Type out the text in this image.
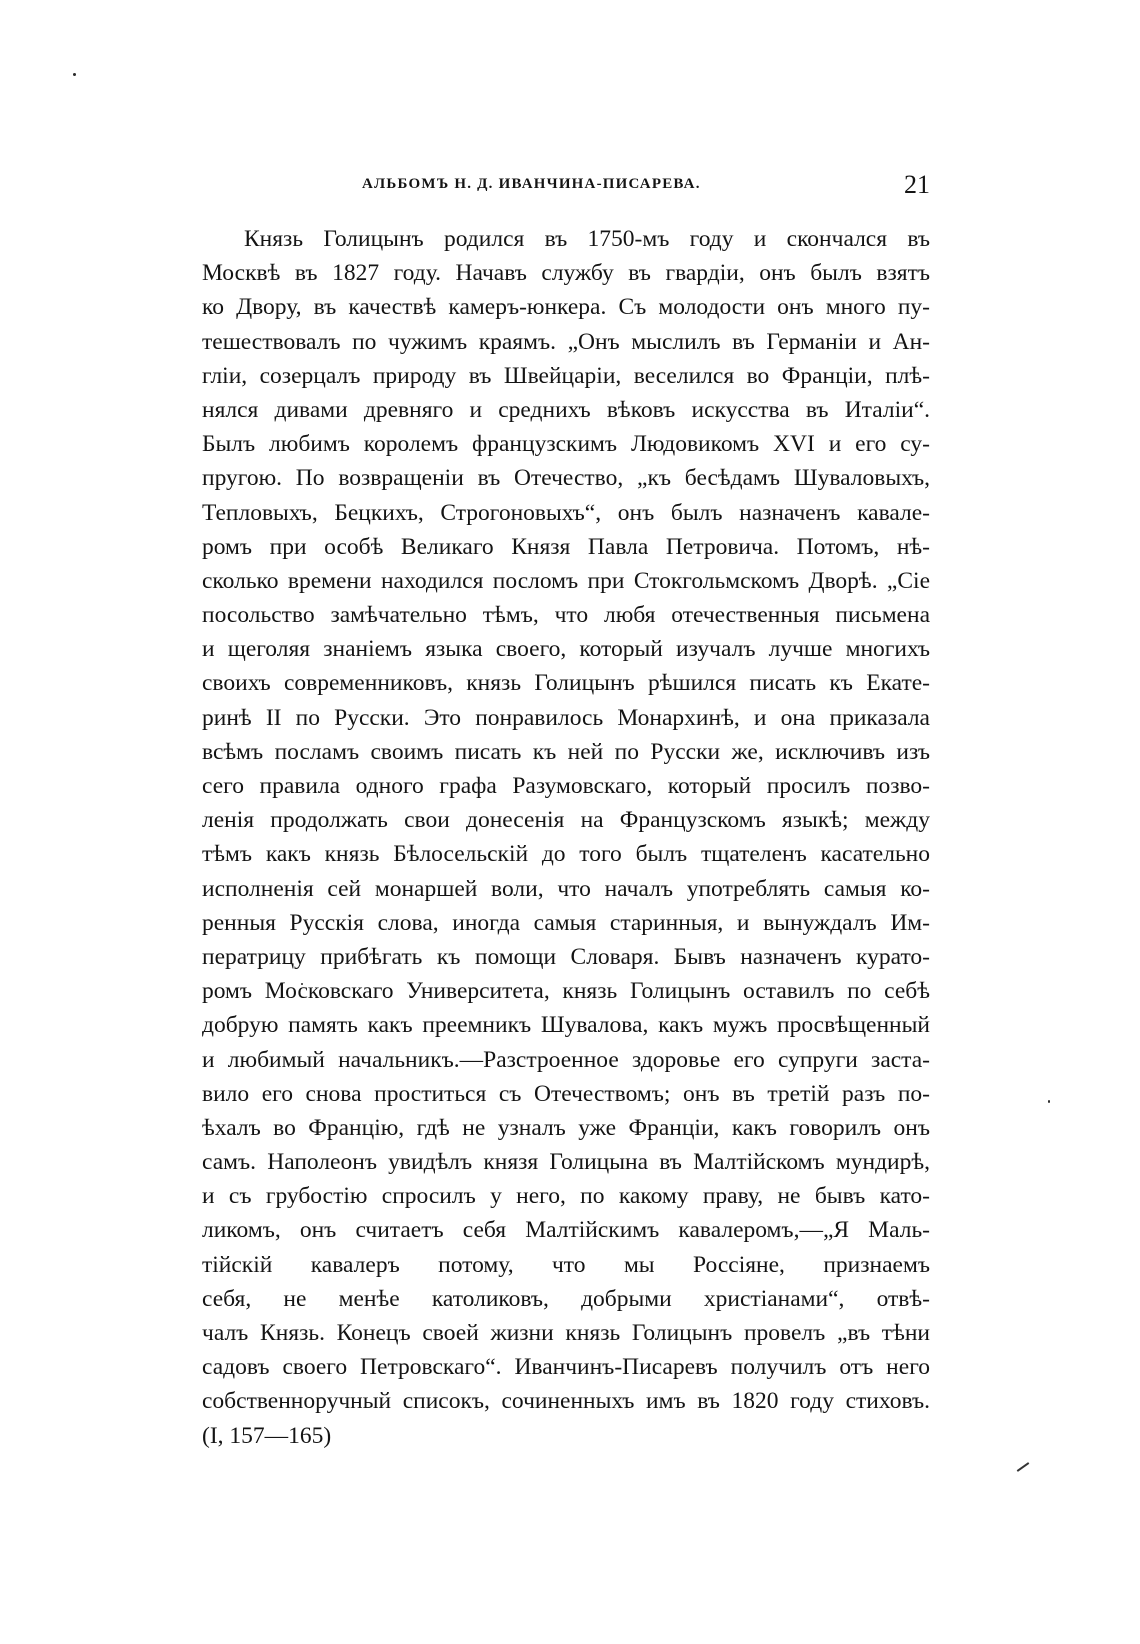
АЛЬБОМЪ Н. Д. ИВАНЧИНА-ПИСАРЕВА.	21
Князь Голицынъ родился въ 1750-мъ году и скончался въ
Москвѣ въ 1827 году. Начавъ службу въ гвардіи, онъ былъ взятъ
ко Двору, въ качествѣ камеръ-юнкера. Съ молодости онъ много пу-
тешествовалъ по чужимъ краямъ. „Онъ мыслилъ въ Германіи и Ан-
гліи, созерцалъ природу въ Швейцаріи, веселился во Франціи, плѣ-
нялся дивами древняго и среднихъ вѣковъ искусства въ Италіи“.
Былъ любимъ королемъ французскимъ Людовикомъ XVI и его су-
пругою. По возвращеніи въ Отечество, „къ бесѣдамъ Шуваловыхъ,
Тепловыхъ, Бецкихъ, Строгоновыхъ“, онъ былъ назначенъ кавале-
ромъ при особѣ Великаго Князя Павла Петровича. Потомъ, нѣ-
сколько времени находился посломъ при Стокгольмскомъ Дворѣ. „Сіе
посольство замѣчательно тѣмъ, что любя отечественныя письмена
и щеголяя знаніемъ языка своего, который изучалъ лучше многихъ
своихъ современниковъ, князь Голицынъ рѣшился писать къ Екате-
ринѣ II по Русски. Это понравилось Монархинѣ, и она приказала
всѣмъ посламъ своимъ писать къ ней по Русски же, исключивъ изъ
сего правила одного графа Разумовскаго, который просилъ позво-
ленія продолжать свои донесенія на Французскомъ языкѣ; между
тѣмъ какъ князь Бѣлосельскій до того былъ тщателенъ касательно
исполненія сей монаршей воли, что началъ употреблять самыя ко-
ренныя Русскія слова, иногда самыя старинныя, и вынуждалъ Им-
ператрицу прибѣгать къ помощи Словаря. Бывъ назначенъ курато-
ромъ Московскаго Университета, князь Голицынъ оставилъ по себѣ
добрую память какъ преемникъ Шувалова, какъ мужъ просвѣщенный
и любимый начальникъ.—Разстроенное здоровье его супруги заста-
вило его снова проститься съ Отечествомъ; онъ въ третій разъ по-
ѣхалъ во Францію, гдѣ не узналъ уже Франціи, какъ говорилъ онъ
самъ. Наполеонъ увидѣлъ князя Голицына въ Малтійскомъ мундирѣ,
и съ грубостію спросилъ у него, по какому праву, не бывъ като-
ликомъ, онъ считаетъ себя Малтійскимъ кавалеромъ,—„Я Маль-
тійскій кавалеръ потому, что мы Россіяне, признаемъ
себя, не менѣе католиковъ, добрыми христіанами“, отвѣ-
чалъ Князь. Конецъ своей жизни князь Голицынъ провелъ „въ тѣни
садовъ своего Петровскаго“. Иванчинъ-Писаревъ получилъ отъ него
собственноручный списокъ, сочиненныхъ имъ въ 1820 году стиховъ.
(I, 157—165)
